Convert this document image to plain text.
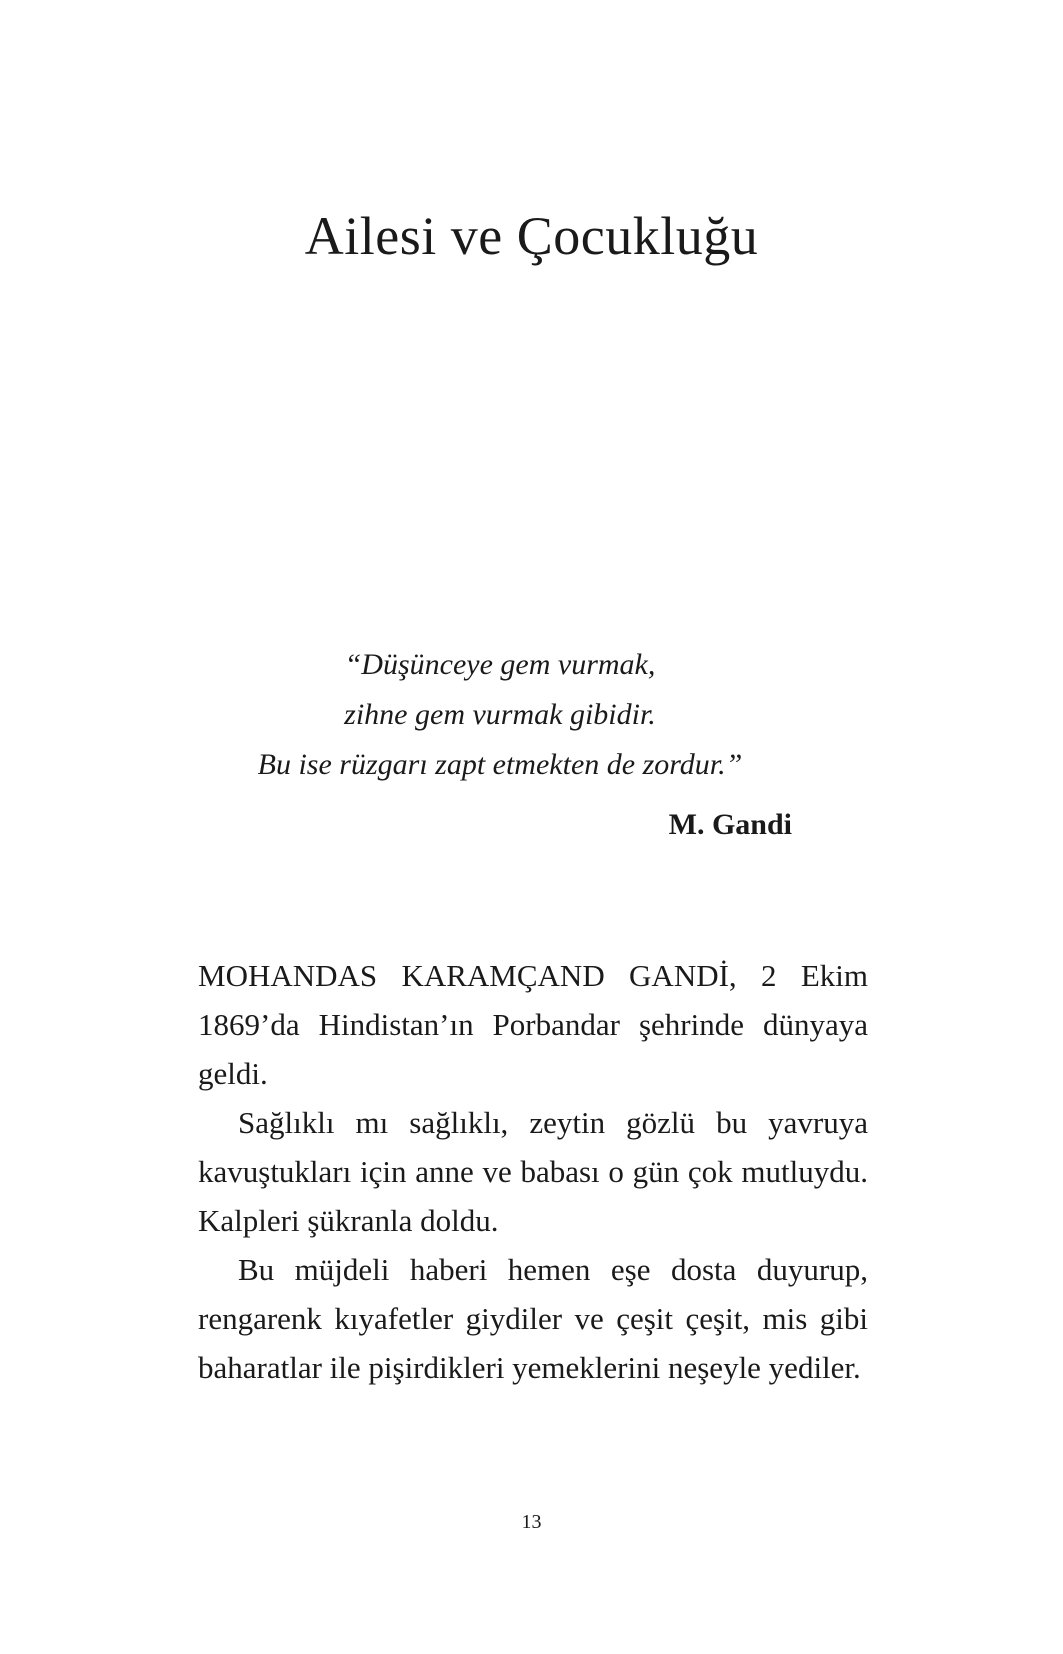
Ailesi ve Çocukluğu
“Düşünceye gem vurmak,
zihne gem vurmak gibidir.
Bu ise rüzgarı zapt etmekten de zordur.”
M. Gandi

MOHANDAS KARAMÇAND GANDİ, 2 Ekim 1869’da Hindistan’ın Porbandar şehrinde dünyaya geldi.

Sağlıklı mı sağlıklı, zeytin gözlü bu yavruya kavuştukları için anne ve babası o gün çok mutluydu. Kalpleri şükranla doldu.

Bu müjdeli haberi hemen eşe dosta duyurup, rengarenk kıyafetler giydiler ve çeşit çeşit, mis gibi baharatlar ile pişirdikleri yemeklerini neşeyle yediler.

13
